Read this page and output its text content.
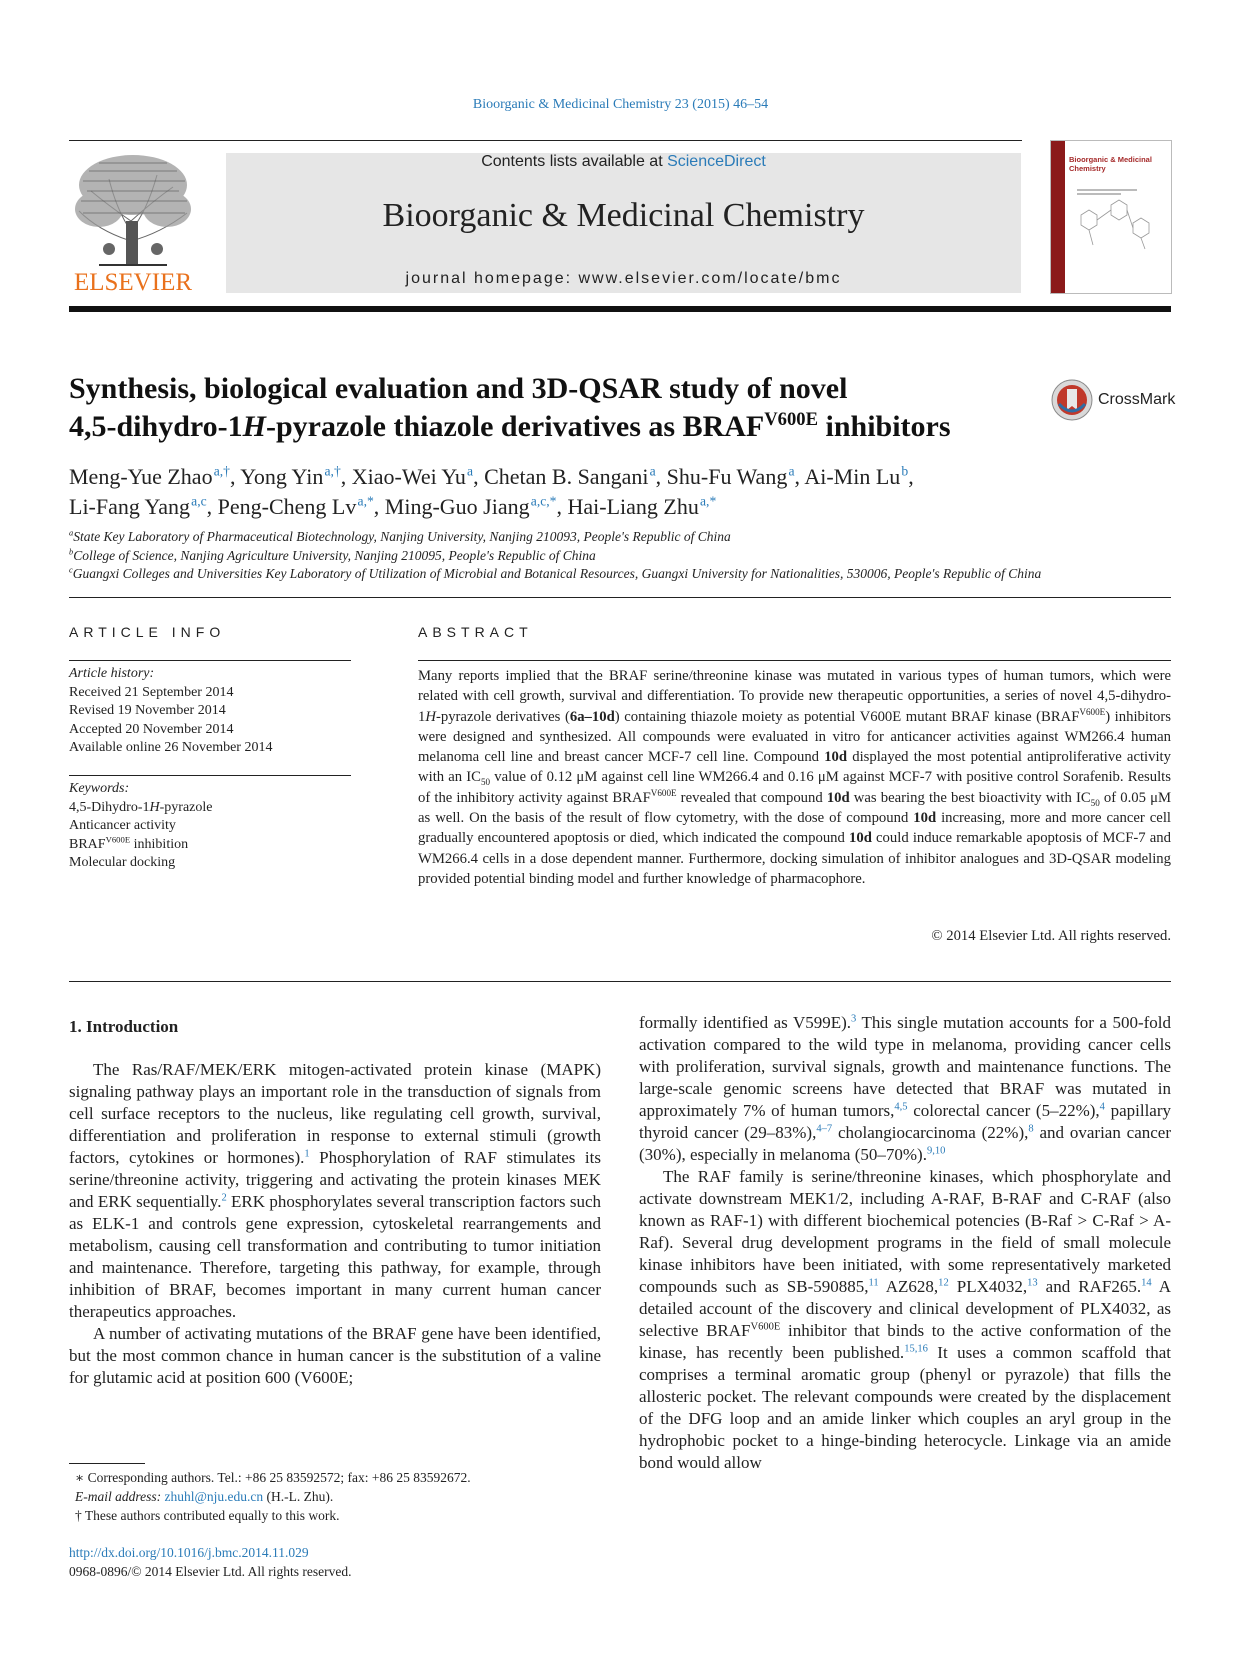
Bioorganic & Medicinal Chemistry 23 (2015) 46–54
ELSEVIER
Contents lists available at ScienceDirect
Bioorganic & Medicinal Chemistry
journal homepage: www.elsevier.com/locate/bmc
Bioorganic & Medicinal Chemistry
Synthesis, biological evaluation and 3D-QSAR study of novel
4,5-dihydro-1H-pyrazole thiazole derivatives as $BRAF^{V600E}$ inhibitors
CrossMark
Meng-Yue Zhao $^{a,\dagger}$, Yong Yin $^{a,\dagger}$, Xiao-Wei Yu $^a$, Chetan B. Sangani $^a$, Shu-Fu Wang $^a$, Ai-Min Lu $^b$,
Li-Fang Yang $^{a,c}$, Peng-Cheng Lv $^{a,*}$, Ming-Guo Jiang $^{a,c,*}$, Hai-Liang Zhu $^{a,*}$
$^a$State Key Laboratory of Pharmaceutical Biotechnology, Nanjing University, Nanjing 210093, People's Republic of China
$^b$College of Science, Nanjing Agriculture University, Nanjing 210095, People's Republic of China
$^c$Guangxi Colleges and Universities Key Laboratory of Utilization of Microbial and Botanical Resources, Guangxi University for Nationalities, 530006, People's Republic of China
ARTICLE INFO	ABSTRACT
Article history:
Received 21 September 2014
Revised 19 November 2014
Accepted 20 November 2014
Available online 26 November 2014
Keywords:
4,5-Dihydro-1H-pyrazole
Anticancer activity
$BRAF^{V600E}$ inhibition
Molecular docking
Many reports implied that the BRAF serine/threonine kinase was mutated in various types of human tumors, which were related with cell growth, survival and differentiation. To provide new therapeutic opportunities, a series of novel 4,5-dihydro-1H-pyrazole derivatives (6a–10d) containing thiazole moiety as potential V600E mutant BRAF kinase $(BRAF^{V600E})$ inhibitors were designed and synthesized. All compounds were evaluated in vitro for anticancer activities against WM266.4 human melanoma cell line and breast cancer MCF-7 cell line. Compound 10d displayed the most potential antiproliferative activity with an $IC_{50}$ value of 0.12 μM against cell line WM266.4 and 0.16 μM against MCF-7 with positive control Sorafenib. Results of the inhibitory activity against $BRAF^{V600E}$ revealed that compound 10d was bearing the best bioactivity with $IC_{50}$ of 0.05 μM as well. On the basis of the result of flow cytometry, with the dose of compound 10d increasing, more and more cancer cell gradually encountered apoptosis or died, which indicated the compound 10d could induce remarkable apoptosis of MCF-7 and WM266.4 cells in a dose dependent manner. Furthermore, docking simulation of inhibitor analogues and 3D-QSAR modeling provided potential binding model and further knowledge of pharmacophore.
© 2014 Elsevier Ltd. All rights reserved.
1. Introduction

The Ras/RAF/MEK/ERK mitogen-activated protein kinase (MAPK) signaling pathway plays an important role in the transduction of signals from cell surface receptors to the nucleus, like regulating cell growth, survival, differentiation and proliferation in response to external stimuli (growth factors, cytokines or hormones).$^1$ Phosphorylation of RAF stimulates its serine/threonine activity, triggering and activating the protein kinases MEK and ERK sequentially.$^2$ ERK phosphorylates several transcription factors such as ELK-1 and controls gene expression, cytoskeletal rearrangements and metabolism, causing cell transformation and contributing to tumor initiation and maintenance. Therefore, targeting this pathway, for example, through inhibition of BRAF, becomes important in many current human cancer therapeutics approaches.

A number of activating mutations of the BRAF gene have been identified, but the most common chance in human cancer is the substitution of a valine for glutamic acid at position 600 (V600E;

formally identified as V599E).$^3$ This single mutation accounts for a 500-fold activation compared to the wild type in melanoma, providing cancer cells with proliferation, survival signals, growth and maintenance functions. The large-scale genomic screens have detected that BRAF was mutated in approximately 7% of human tumors,$^{4,5}$ colorectal cancer (5–22%),$^4$ papillary thyroid cancer (29–83%),$^{4-7}$ cholangiocarcinoma (22%),$^8$ and ovarian cancer (30%), especially in melanoma (50–70%).$^{9,10}$

The RAF family is serine/threonine kinases, which phosphorylate and activate downstream MEK1/2, including A-RAF, B-RAF and C-RAF (also known as RAF-1) with different biochemical potencies (B-Raf > C-Raf > A-Raf). Several drug development programs in the field of small molecule kinase inhibitors have been initiated, with some representatively marketed compounds such as SB-590885,11 AZ628,12 PLX4032,13 and RAF265.14 A detailed account of the discovery and clinical development of PLX4032, as selective $BRAF^{V600E}$ inhibitor that binds to the active conformation of the kinase, has recently been published.$^{15,16}$ It uses a common scaffold that comprises a terminal aromatic group (phenyl or pyrazole) that fills the allosteric pocket. The relevant compounds were created by the displacement of the DFG loop and an amide linker which couples an aryl group in the hydrophobic pocket to a hinge-binding heterocycle. Linkage via an amide bond would allow

∗ Corresponding authors. Tel.: +86 25 83592572; fax: +86 25 83592672.
E-mail address: zhuhl@nju.edu.cn (H.-L. Zhu).
† These authors contributed equally to this work.
http://dx.doi.org/10.1016/j.bmc.2014.11.029
0968-0896/© 2014 Elsevier Ltd. All rights reserved.
